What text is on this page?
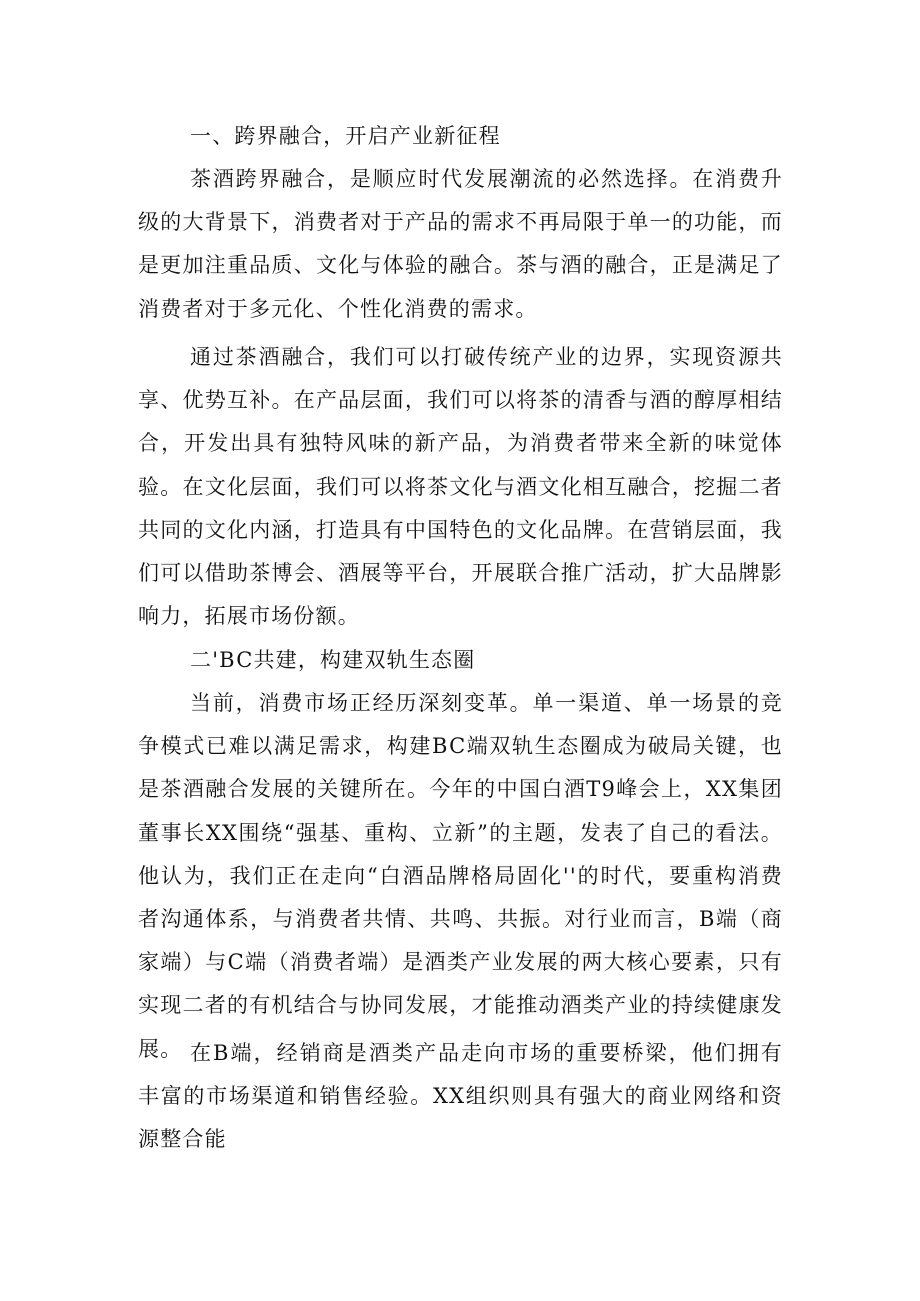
一、跨界融合，开启产业新征程

茶酒跨界融合，是顺应时代发展潮流的必然选择。在消费升级的大背景下，消费者对于产品的需求不再局限于单一的功能，而是更加注重品质、文化与体验的融合。茶与酒的融合，正是满足了消费者对于多元化、个性化消费的需求。

通过茶酒融合，我们可以打破传统产业的边界，实现资源共享、优势互补。在产品层面，我们可以将茶的清香与酒的醇厚相结合，开发出具有独特风味的新产品，为消费者带来全新的味觉体验。在文化层面，我们可以将茶文化与酒文化相互融合，挖掘二者共同的文化内涵，打造具有中国特色的文化品牌。在营销层面，我们可以借助茶博会、酒展等平台，开展联合推广活动，扩大品牌影响力，拓展市场份额。

二'BC共建，构建双轨生态圈

当前，消费市场正经历深刻变革。单一渠道、单一场景的竞争模式已难以满足需求，构建BC端双轨生态圈成为破局关键，也是茶酒融合发展的关键所在。今年的中国白酒T9峰会上，XX集团董事长XX围绕“强基、重构、立新”的主题，发表了自己的看法。他认为，我们正在走向“白酒品牌格局固化''的时代，要重构消费者沟通体系，与消费者共情、共鸣、共振。对行业而言，B端（商家端）与C端（消费者端）是酒类产业发展的两大核心要素，只有实现二者的有机结合与协同发展，才能推动酒类产业的持续健康发展。 在B端，经销商是酒类产品走向市场的重要桥梁，他们拥有丰富的市场渠道和销售经验。XX组织则具有强大的商业网络和资源整合能
